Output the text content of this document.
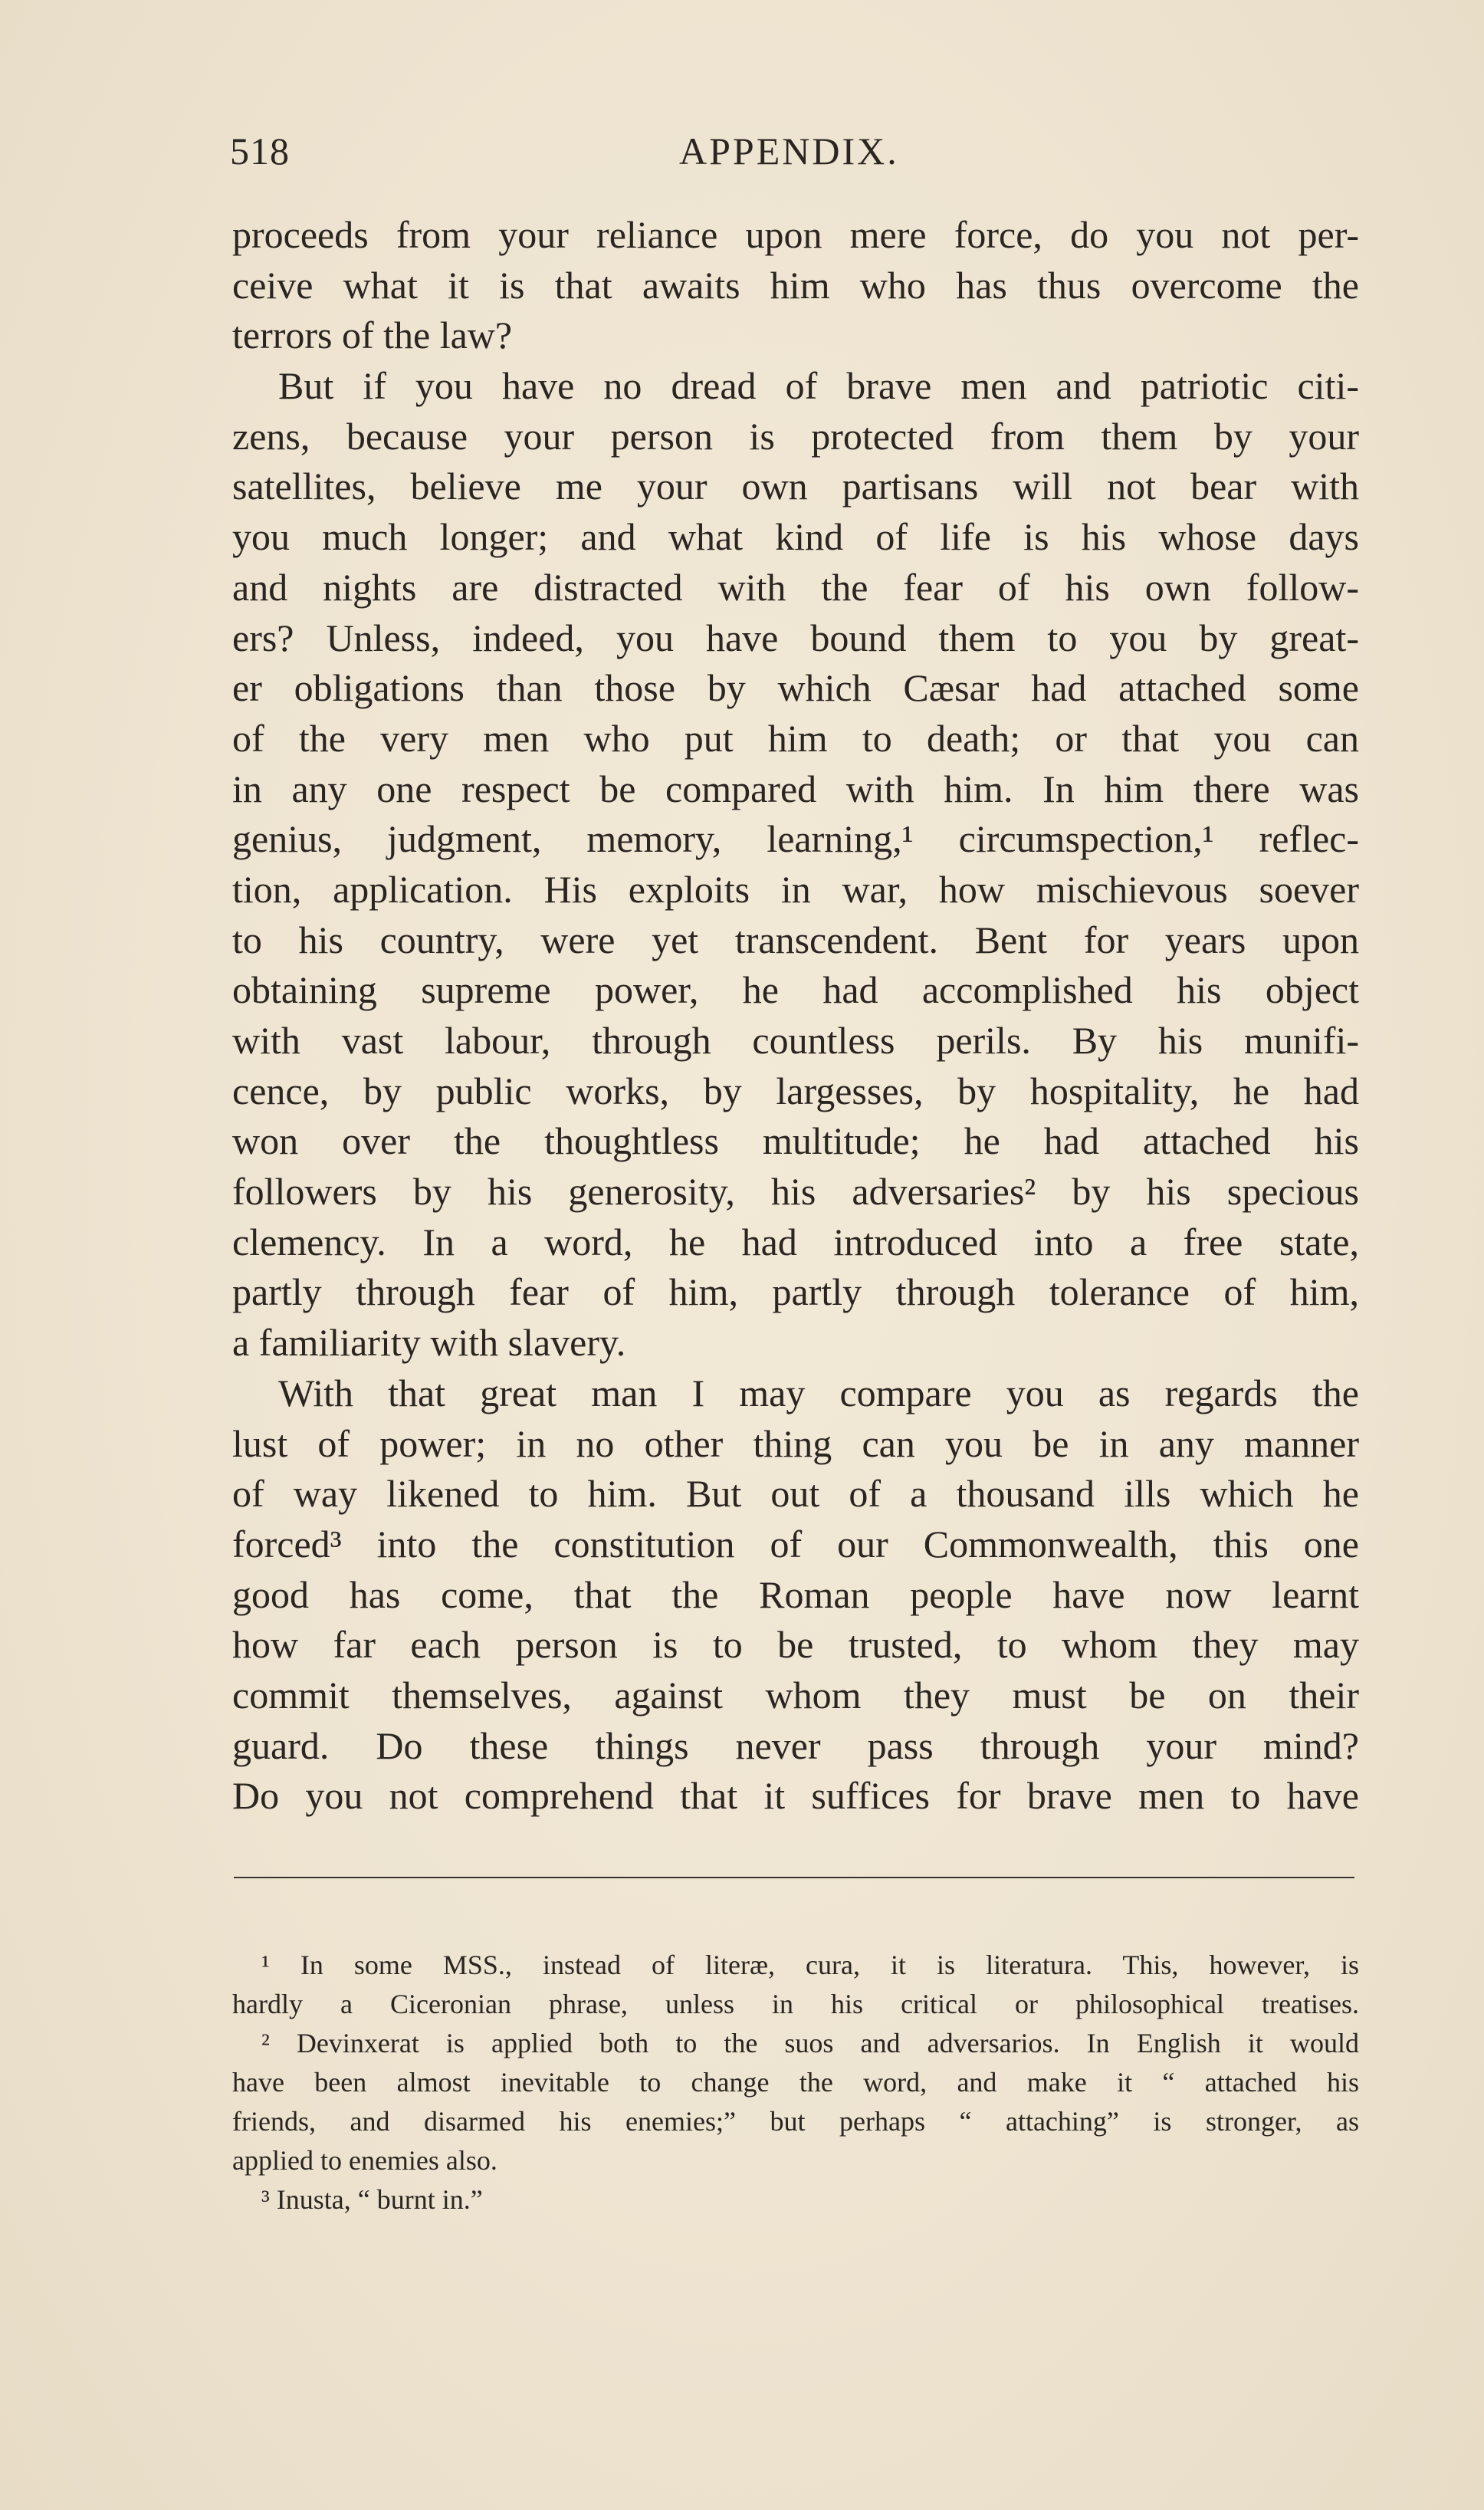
518	APPENDIX.
proceeds from your reliance upon mere force, do you not per-
ceive what it is that awaits him who has thus overcome the
terrors of the law?
But if you have no dread of brave men and patriotic citi-
zens, because your person is protected from them by your
satellites, believe me your own partisans will not bear with
you much longer; and what kind of life is his whose days
and nights are distracted with the fear of his own follow-
ers? Unless, indeed, you have bound them to you by great-
er obligations than those by which Cæsar had attached some
of the very men who put him to death; or that you can
in any one respect be compared with him. In him there was
genius, judgment, memory, learning,¹ circumspection,¹ reflec-
tion, application. His exploits in war, how mischievous soever
to his country, were yet transcendent. Bent for years upon
obtaining supreme power, he had accomplished his object
with vast labour, through countless perils. By his munifi-
cence, by public works, by largesses, by hospitality, he had
won over the thoughtless multitude; he had attached his
followers by his generosity, his adversaries² by his specious
clemency. In a word, he had introduced into a free state,
partly through fear of him, partly through tolerance of him,
a familiarity with slavery.
With that great man I may compare you as regards the
lust of power; in no other thing can you be in any manner
of way likened to him. But out of a thousand ills which he
forced³ into the constitution of our Commonwealth, this one
good has come, that the Roman people have now learnt
how far each person is to be trusted, to whom they may
commit themselves, against whom they must be on their
guard. Do these things never pass through your mind?
Do you not comprehend that it suffices for brave men to have
¹ In some MSS., instead of literæ, cura, it is literatura. This, however, is
hardly a Ciceronian phrase, unless in his critical or philosophical treatises.
² Devinxerat is applied both to the suos and adversarios. In English it would
have been almost inevitable to change the word, and make it “ attached his
friends, and disarmed his enemies;” but perhaps “ attaching” is stronger, as
applied to enemies also.
³ Inusta, “ burnt in.”
